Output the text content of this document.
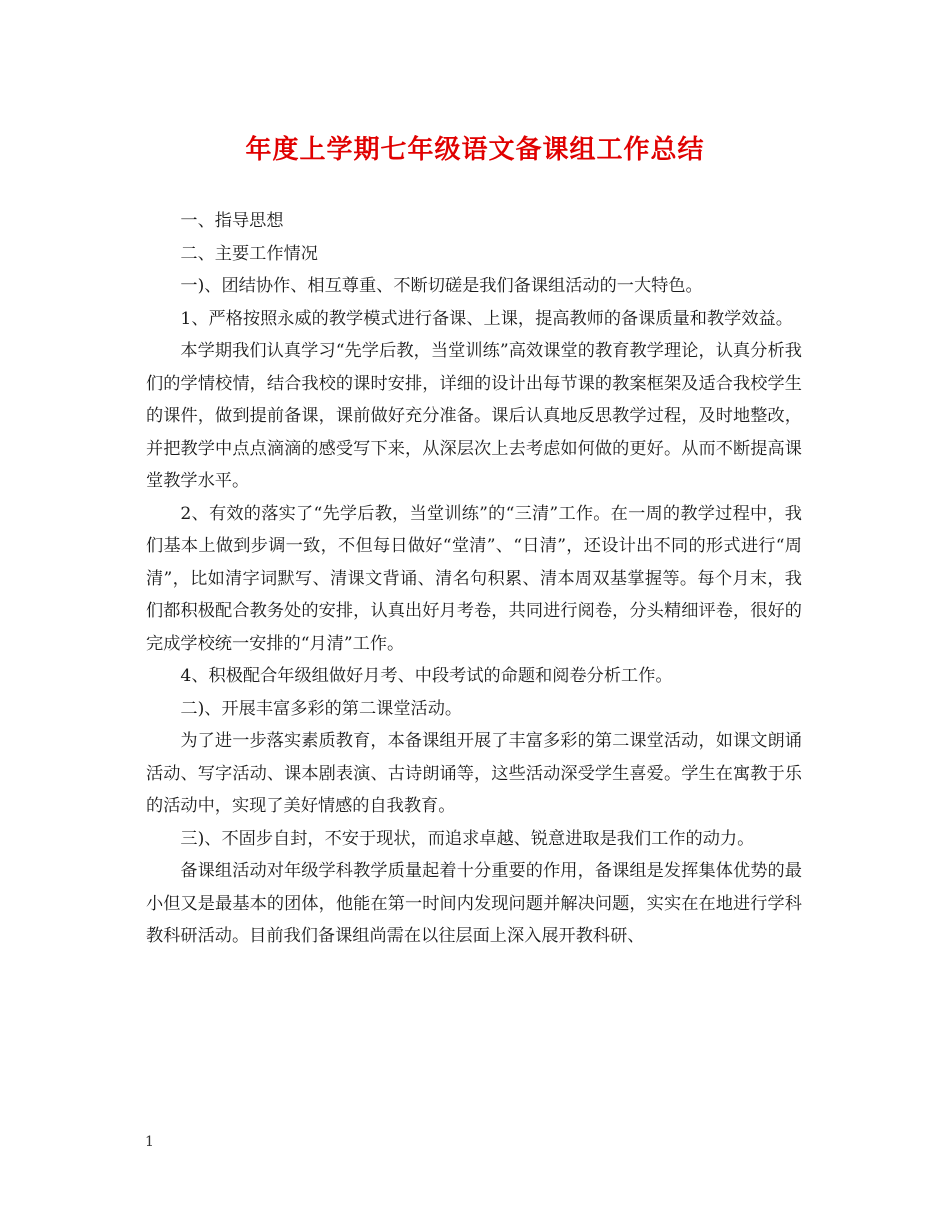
年度上学期七年级语文备课组工作总结

一、指导思想

二、主要工作情况

一)、团结协作、相互尊重、不断切磋是我们备课组活动的一大特色。

1、严格按照永威的教学模式进行备课、上课，提高教师的备课质量和教学效益。

本学期我们认真学习“先学后教，当堂训练”高效课堂的教育教学理论，认真分析我们的学情校情，结合我校的课时安排，详细的设计出每节课的教案框架及适合我校学生的课件，做到提前备课，课前做好充分准备。课后认真地反思教学过程，及时地整改，并把教学中点点滴滴的感受写下来，从深层次上去考虑如何做的更好。从而不断提高课堂教学水平。

2、有效的落实了“先学后教，当堂训练”的“三清”工作。在一周的教学过程中，我们基本上做到步调一致，不但每日做好“堂清”、“日清”，还设计出不同的形式进行“周清”，比如清字词默写、清课文背诵、清名句积累、清本周双基掌握等。每个月末，我们都积极配合教务处的安排，认真出好月考卷，共同进行阅卷，分头精细评卷，很好的完成学校统一安排的“月清”工作。

4、积极配合年级组做好月考、中段考试的命题和阅卷分析工作。

二)、开展丰富多彩的第二课堂活动。

为了进一步落实素质教育，本备课组开展了丰富多彩的第二课堂活动，如课文朗诵活动、写字活动、课本剧表演、古诗朗诵等，这些活动深受学生喜爱。学生在寓教于乐的活动中，实现了美好情感的自我教育。

三)、不固步自封，不安于现状，而追求卓越、锐意进取是我们工作的动力。

备课组活动对年级学科教学质量起着十分重要的作用，备课组是发挥集体优势的最小但又是最基本的团体，他能在第一时间内发现问题并解决问题，实实在在地进行学科教科研活动。目前我们备课组尚需在以往层面上深入展开教科研、

1
